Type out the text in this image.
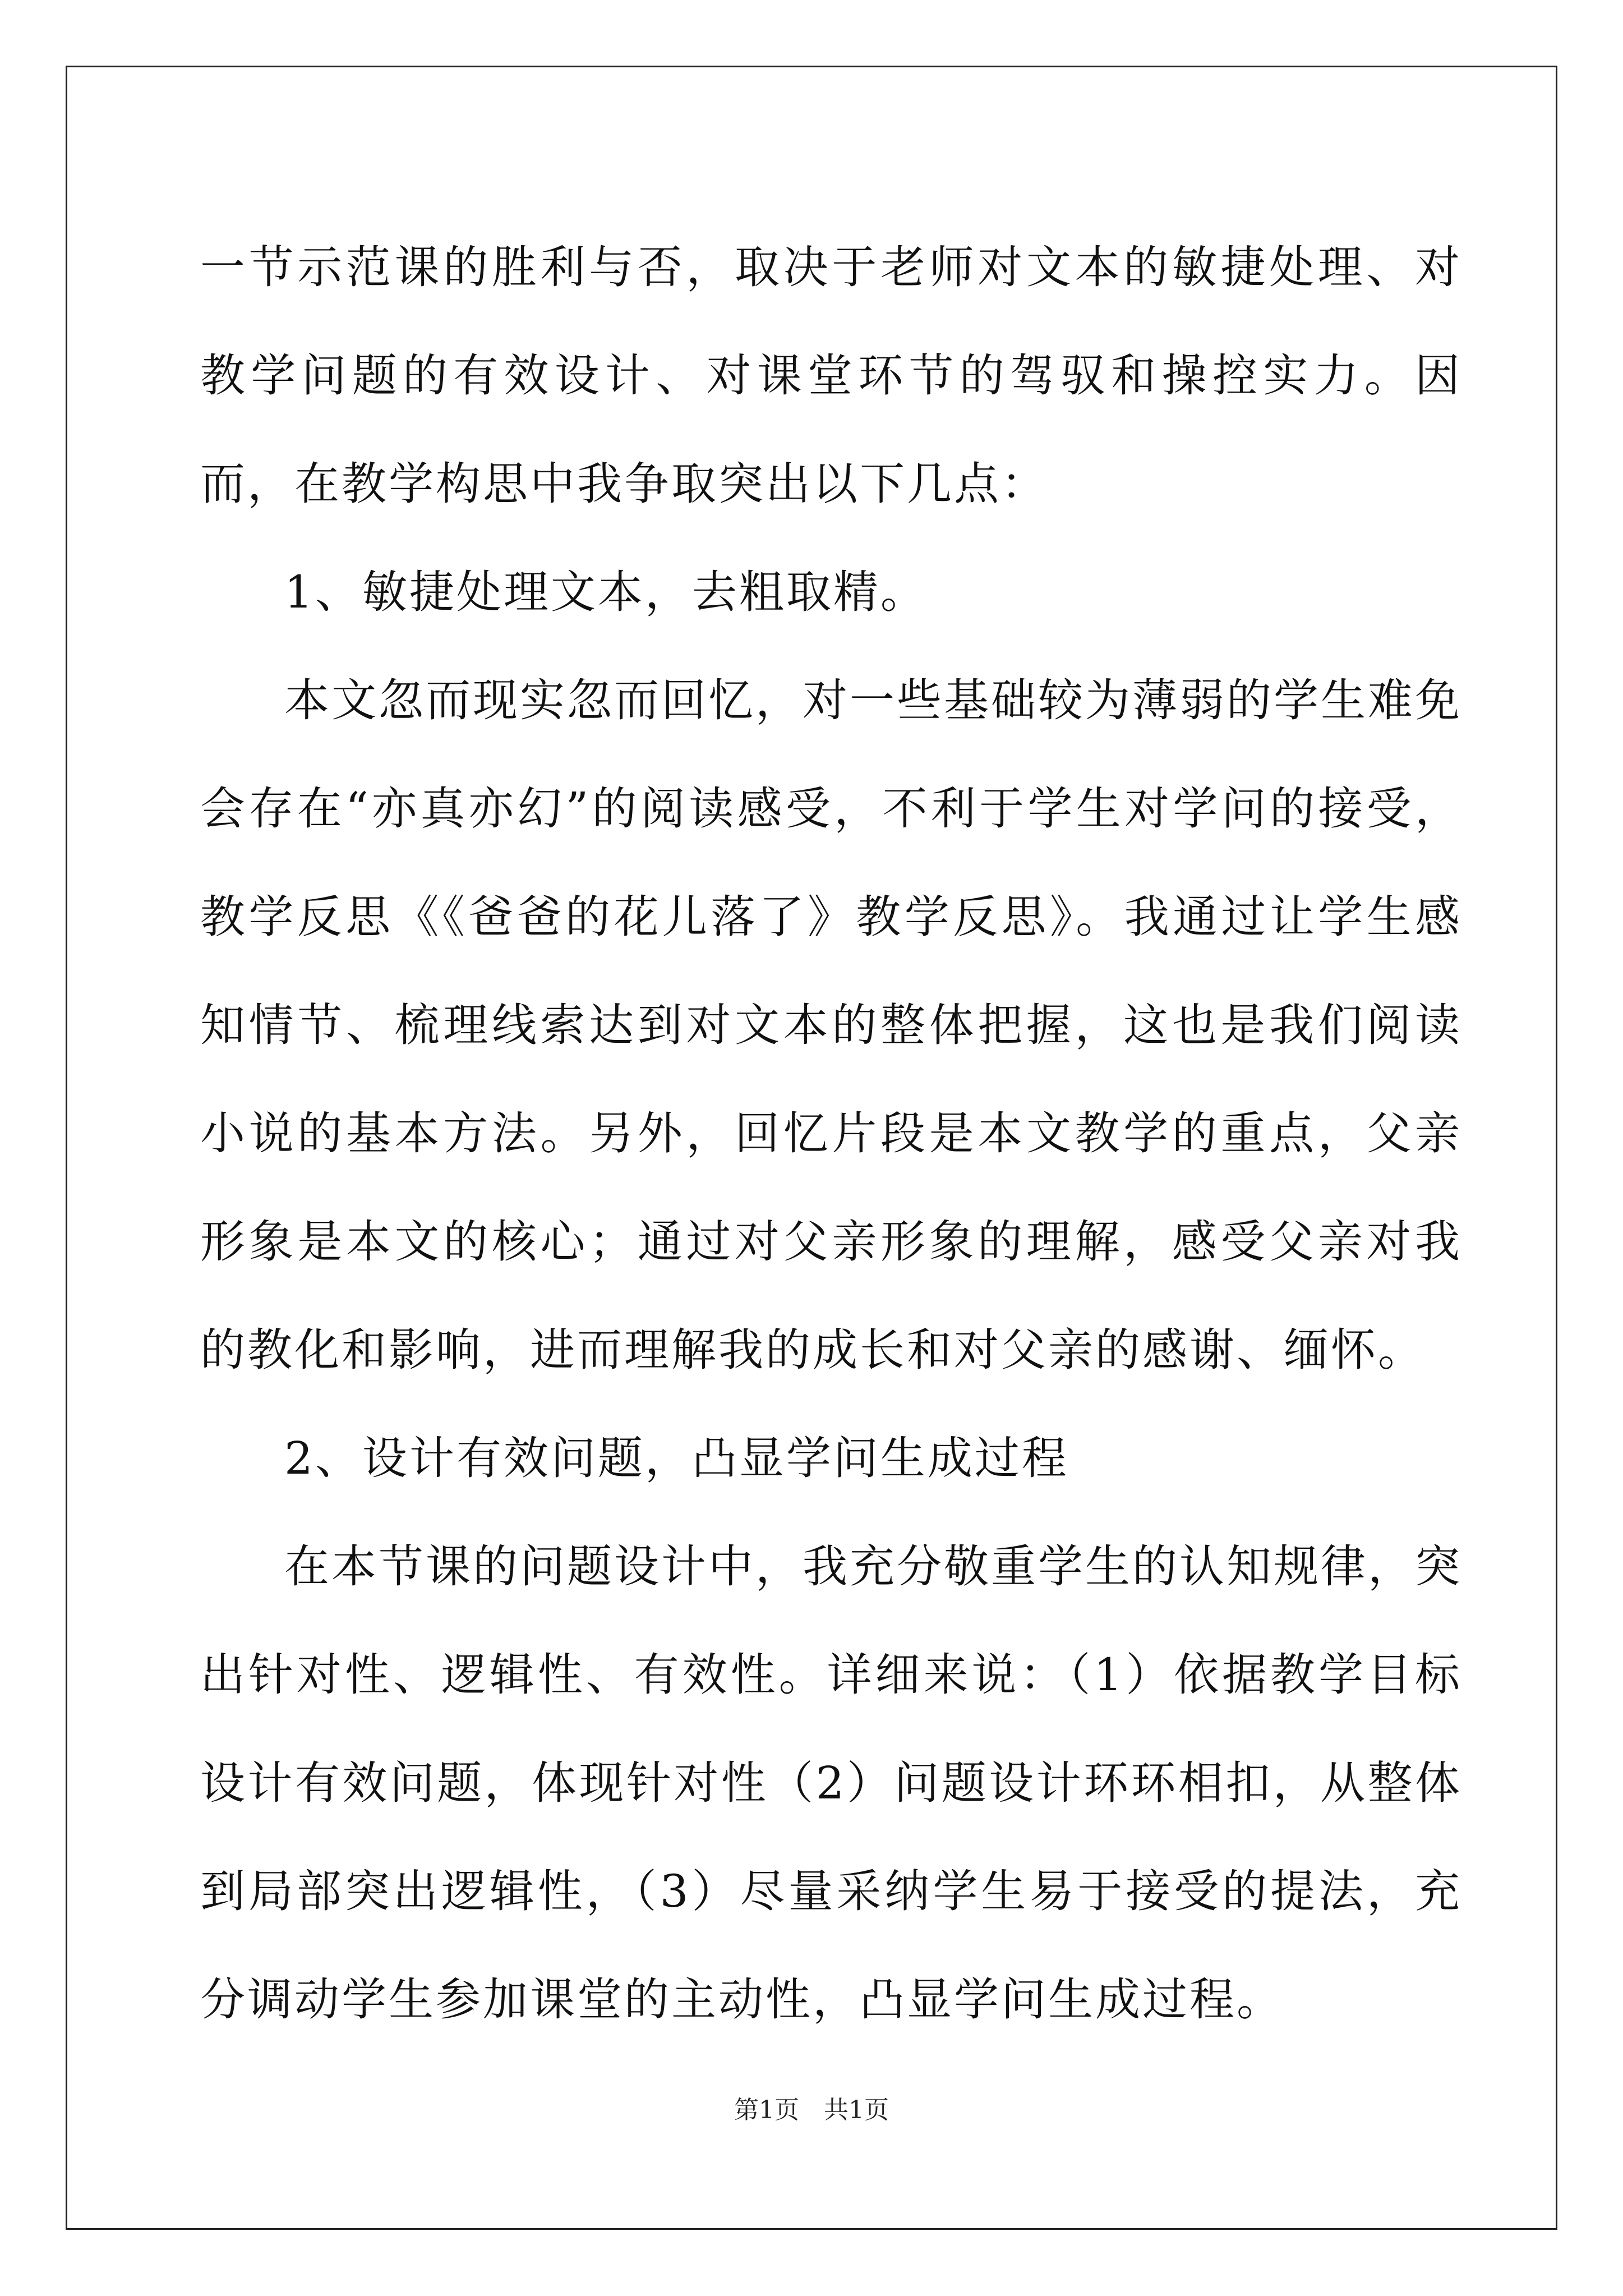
一节示范课的胜利与否，取决于老师对文本的敏捷处理、对教学问题的有效设计、对课堂环节的驾驭和操控实力。因而，在教学构思中我争取突出以下几点：

1、敏捷处理文本，去粗取精。

本文忽而现实忽而回忆，对一些基础较为薄弱的学生难免会存在“亦真亦幻”的阅读感受，不利于学生对学问的接受，教学反思《《爸爸的花儿落了》教学反思》。我通过让学生感知情节、梳理线索达到对文本的整体把握，这也是我们阅读小说的基本方法。另外，回忆片段是本文教学的重点，父亲形象是本文的核心；通过对父亲形象的理解，感受父亲对我的教化和影响，进而理解我的成长和对父亲的感谢、缅怀。

2、设计有效问题，凸显学问生成过程

在本节课的问题设计中，我充分敬重学生的认知规律，突出针对性、逻辑性、有效性。详细来说：（1）依据教学目标设计有效问题，体现针对性（2）问题设计环环相扣，从整体到局部突出逻辑性，（3）尽量采纳学生易于接受的提法，充分调动学生参加课堂的主动性，凸显学问生成过程。

第1页　共1页
